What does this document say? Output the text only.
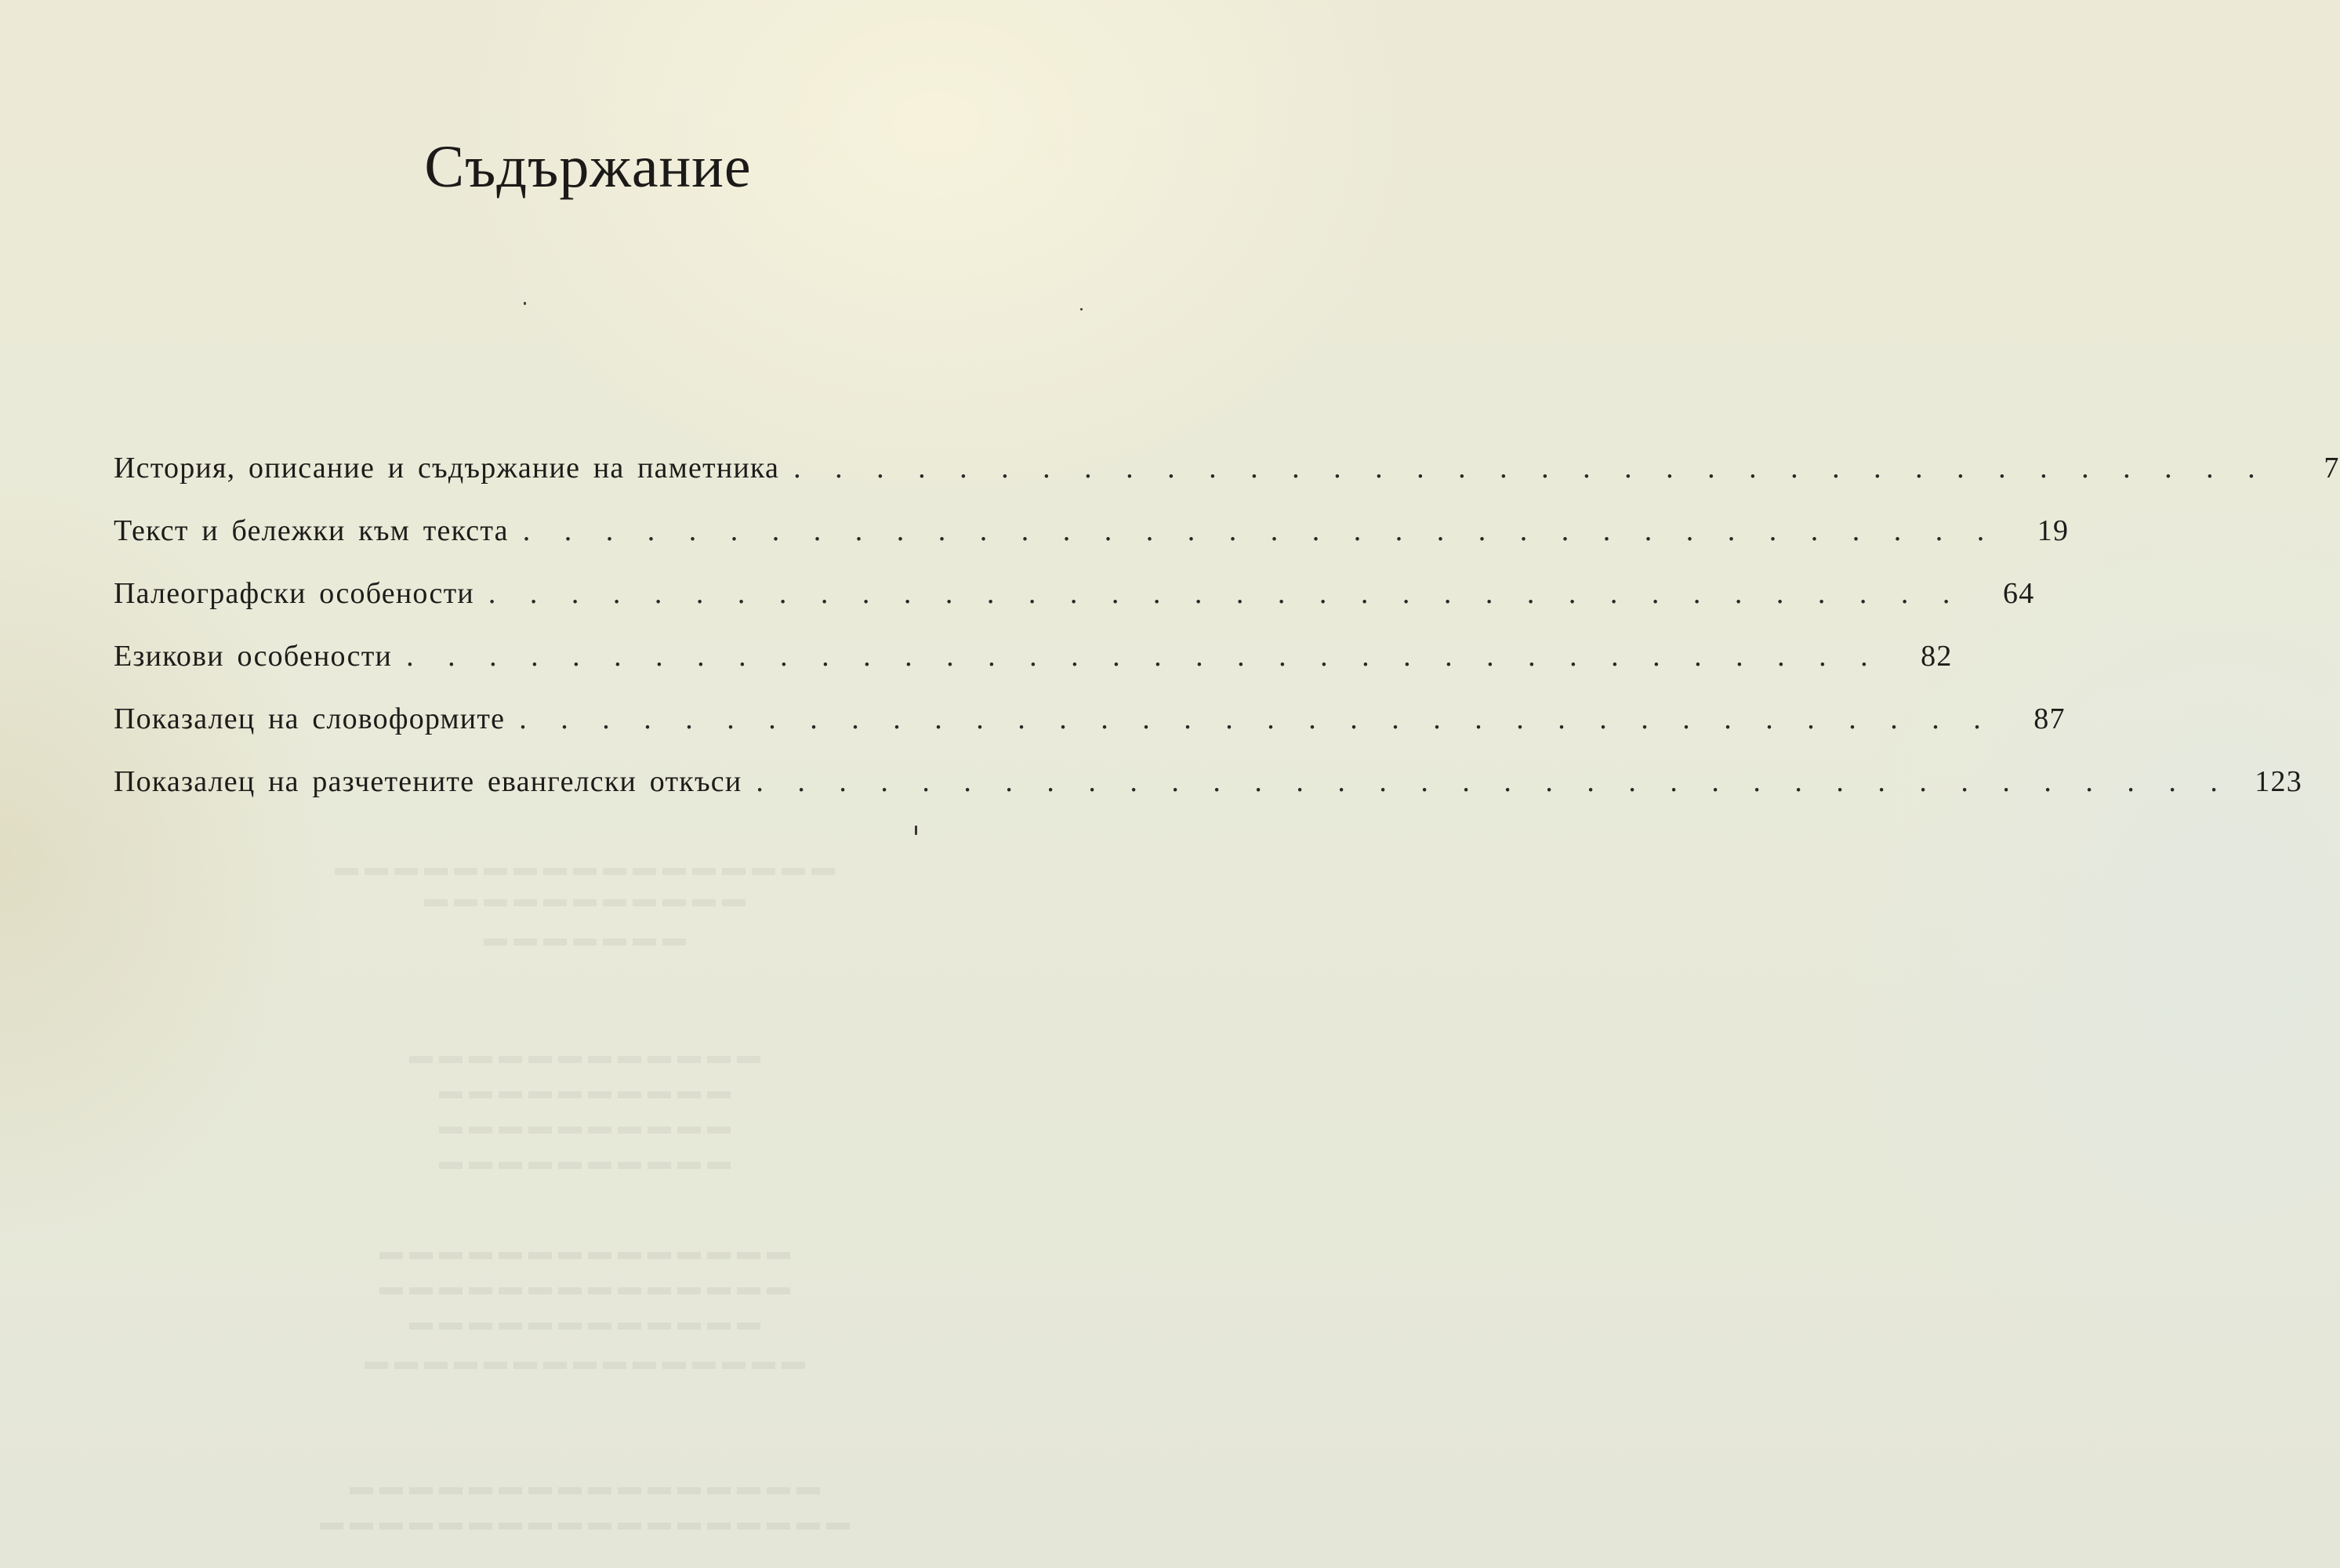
Съдържание
История, описание и съдържание на паметника . . . . . . . . . . . . . . . . . . . . . . . . . . . . . . . . . . . .	7
Текст и бележки към текста . . . . . . . . . . . . . . . . . . . . . . . . . . . . . . . . . . . .	19
Палеографски особености . . . . . . . . . . . . . . . . . . . . . . . . . . . . . . . . . . . .	64
Езикови особености . . . . . . . . . . . . . . . . . . . . . . . . . . . . . . . . . . . .	82
Показалец на словоформите . . . . . . . . . . . . . . . . . . . . . . . . . . . . . . . . . . . .	87
Показалец на разчетените евангелски откъси . . . . . . . . . . . . . . . . . . . . . . . . . . . . . . . . . . . . 123
▬▬▬▬▬▬▬▬▬▬▬▬▬▬▬▬▬
▬▬▬▬▬▬▬▬▬▬▬
▬▬▬▬▬▬▬
▬▬▬▬▬▬▬▬▬▬▬▬
▬▬▬▬▬▬▬▬▬▬
▬▬▬▬▬▬▬▬▬▬
▬▬▬▬▬▬▬▬▬▬
▬▬▬▬▬▬▬▬▬▬▬▬▬▬
▬▬▬▬▬▬▬▬▬▬▬▬▬▬
▬▬▬▬▬▬▬▬▬▬▬▬
▬▬▬▬▬▬▬▬▬▬▬▬▬▬▬
▬▬▬▬▬▬▬▬▬▬▬▬▬▬▬▬
▬▬▬▬▬▬▬▬▬▬▬▬▬▬▬▬▬▬
